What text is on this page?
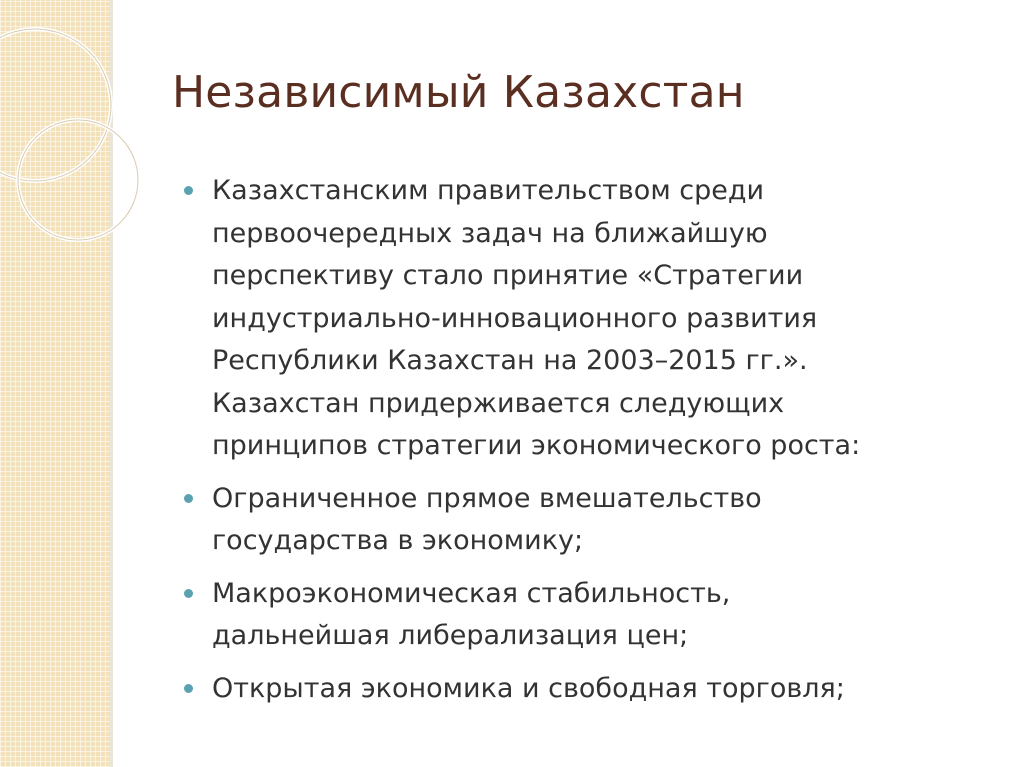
Независимый Казахстан
Казахстанским правительством среди
первоочередных задач на ближайшую
перспективу стало принятие «Стратегии
индустриально-инновационного развития
Республики Казахстан на 2003–2015 гг.».
Казахстан придерживается следующих
принципов стратегии экономического роста:
Ограниченное прямое вмешательство
государства в экономику;
Макроэкономическая стабильность,
дальнейшая либерализация цен;
Открытая экономика и свободная торговля;
